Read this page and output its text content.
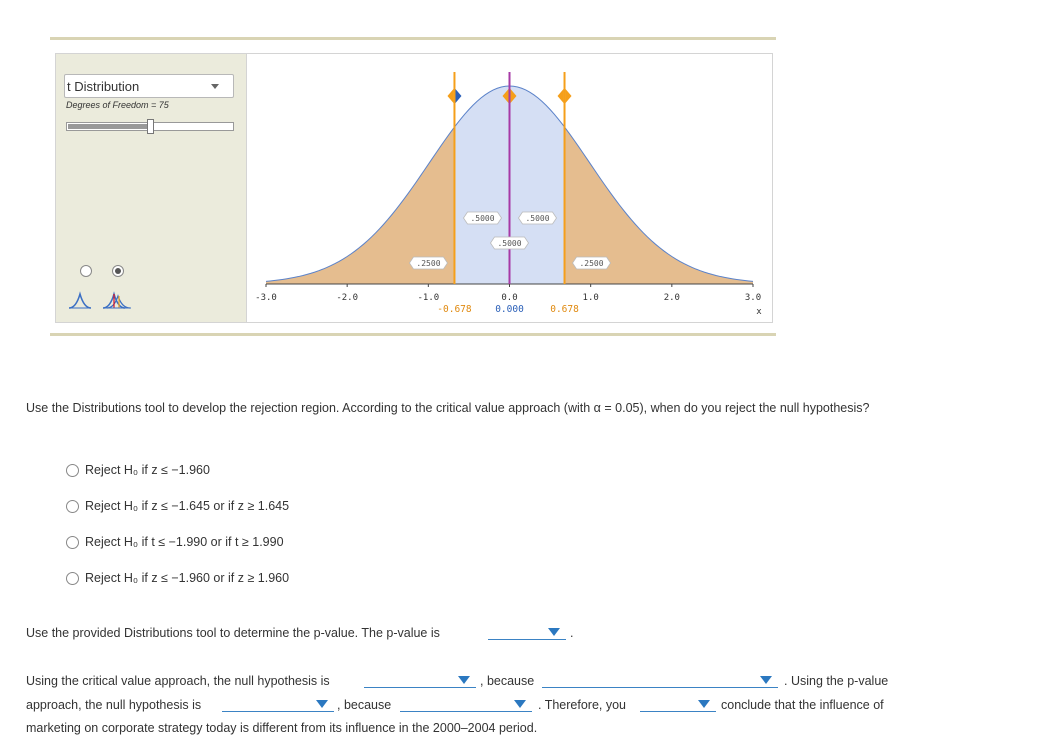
t Distribution
Degrees of Freedom = 75
-3.0	-2.0	-1.0	0.0	1.0	2.0	3.0
-0.678 0.000	0.678
.5000	.5000
.5000
.2500	.2500
x
Use the Distributions tool to develop the rejection region. According to the critical value approach (with α = 0.05), when do you reject the null hypothesis?
Reject H₀ if z ≤ −1.960
Reject H₀ if z ≤ −1.645 or if z ≥ 1.645
Reject H₀ if t ≤ −1.990 or if t ≥ 1.990
Reject H₀ if z ≤ −1.960 or if z ≥ 1.960
Use the provided Distributions tool to determine the p-value. The p-value is	.
Using the critical value approach, the null hypothesis is	, because	. Using the p-value
approach, the null hypothesis is	, because	. Therefore, you	conclude that the influence of
marketing on corporate strategy today is different from its influence in the 2000–2004 period.
